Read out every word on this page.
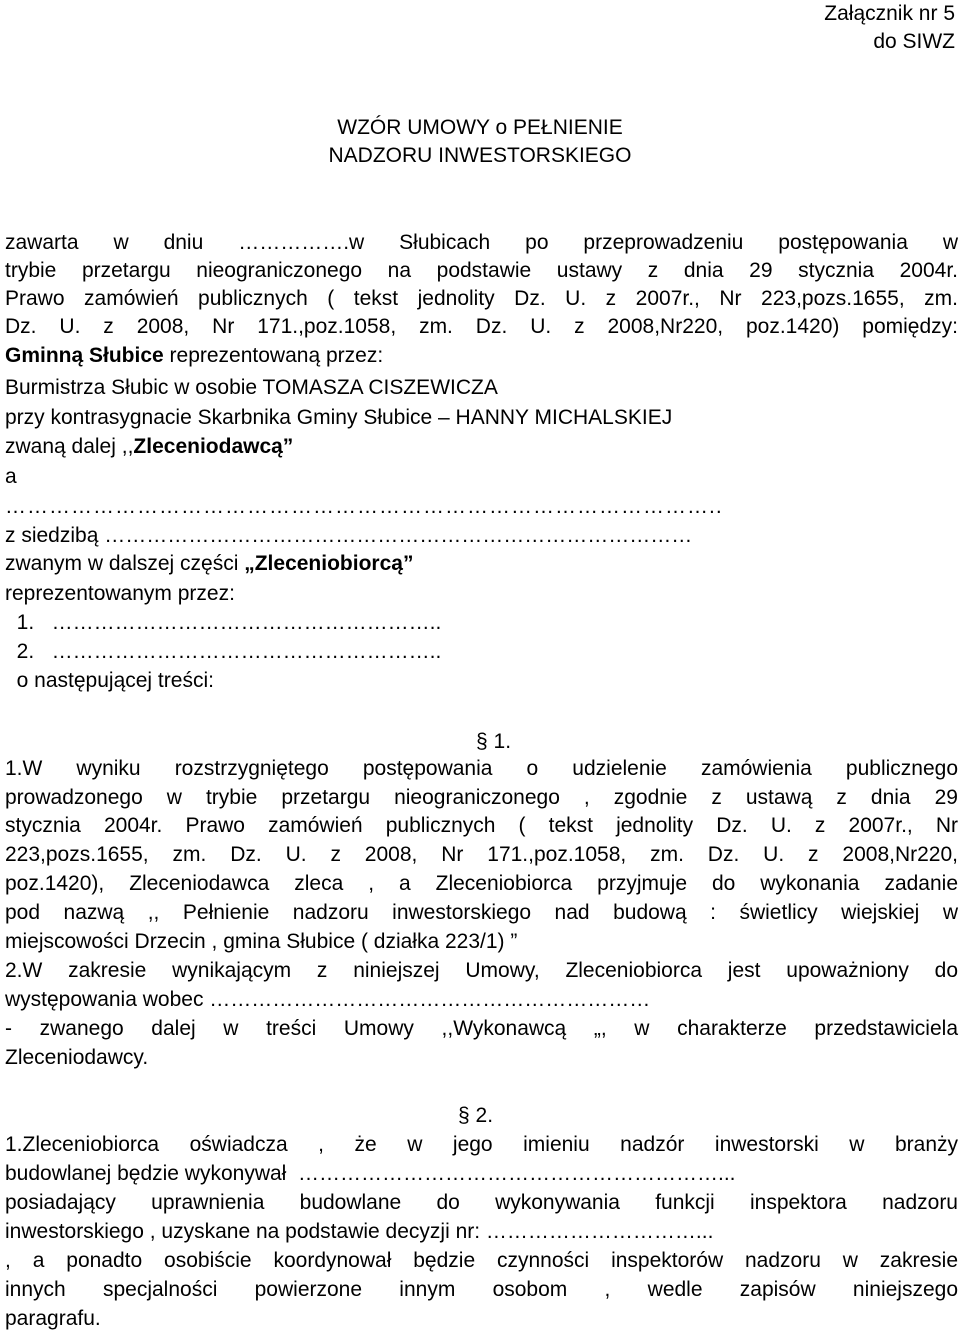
Załącznik nr 5
do SIWZ
WZÓR UMOWY o PEŁNIENIE
NADZORU INWESTORSKIEGO
zawarta w dniu …………….w Słubicach po przeprowadzeniu postępowania w
trybie przetargu nieograniczonego na podstawie ustawy z dnia 29 stycznia 2004r.
Prawo zamówień publicznych ( tekst jednolity Dz. U. z 2007r., Nr 223,pozs.1655, zm.
Dz. U. z 2008, Nr 171.,poz.1058, zm. Dz. U. z 2008,Nr220, poz.1420) pomiędzy:
Gminną Słubice reprezentowaną przez:
Burmistrza Słubic w osobie TOMASZA CISZEWICZA
przy kontrasygnacie Skarbnika Gminy Słubice – HANNY MICHALSKIEJ
zwaną dalej ,,Zleceniodawcą”
a
……………………………………………………………………………………..
z siedzibą …………………………………………………………………………
zwanym w dalszej części „Zleceniobiorcą”
reprezentowanym przez:
1.   ………………………………………………..
2.   ………………………………………………..
o następującej treści:
§ 1.
1.W wyniku rozstrzygniętego postępowania o udzielenie zamówienia publicznego
prowadzonego w trybie przetargu nieograniczonego , zgodnie z ustawą z dnia 29
stycznia 2004r. Prawo zamówień publicznych ( tekst jednolity Dz. U. z 2007r., Nr
223,pozs.1655, zm. Dz. U. z 2008, Nr 171.,poz.1058, zm. Dz. U. z 2008,Nr220,
poz.1420), Zleceniodawca zleca , a Zleceniobiorca przyjmuje do wykonania zadanie
pod nazwą ,, Pełnienie nadzoru inwestorskiego nad budową : świetlicy wiejskiej w
miejscowości Drzecin , gmina Słubice ( działka 223/1) ”
2.W zakresie wynikającym z niniejszej Umowy, Zleceniobiorca jest upoważniony do
występowania wobec ………………………………………………………
- zwanego dalej w treści Umowy ,,Wykonawcą „, w charakterze przedstawiciela
Zleceniodawcy.
§ 2.
1.Zleceniobiorca oświadcza , że w jego imieniu nadzór inwestorski w branży
budowlanej będzie wykonywał  ……………………………………………………...
posiadający uprawnienia budowlane do wykonywania funkcji inspektora nadzoru
inwestorskiego , uzyskane na podstawie decyzji nr: …………………………...
, a ponadto osobiście koordynował będzie czynności inspektorów nadzoru w zakresie
innych specjalności powierzone innym osobom , wedle zapisów niniejszego
paragrafu.
